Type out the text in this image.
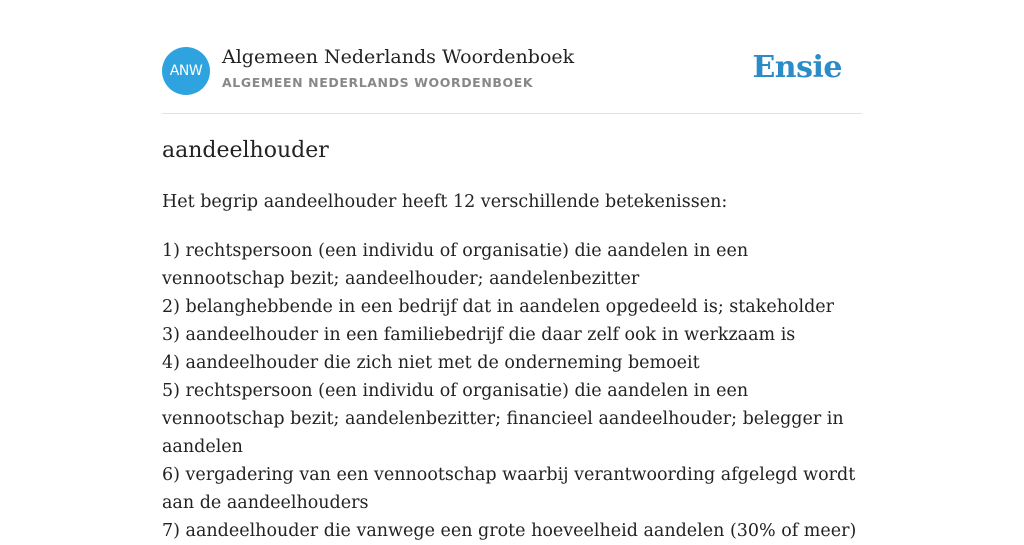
ANW
Algemeen Nederlands Woordenboek
ALGEMEEN NEDERLANDS WOORDENBOEK	Ensie
aandeelhouder
Het begrip aandeelhouder heeft 12 verschillende betekenissen:
1) rechtspersoon (een individu of organisatie) die aandelen in een vennootschap bezit; aandeelhouder; aandelenbezitter
2) belanghebbende in een bedrijf dat in aandelen opgedeeld is; stakeholder
3) aandeelhouder in een familiebedrijf die daar zelf ook in werkzaam is
4) aandeelhouder die zich niet met de onderneming bemoeit
5) rechtspersoon (een individu of organisatie) die aandelen in een vennootschap bezit; aandelenbezitter; financieel aandeelhouder; belegger in aandelen
6) vergadering van een vennootschap waarbij verantwoording afgelegd wordt aan de aandeelhouders
7) aandeelhouder die vanwege een grote hoeveelheid aandelen (30% of meer)
